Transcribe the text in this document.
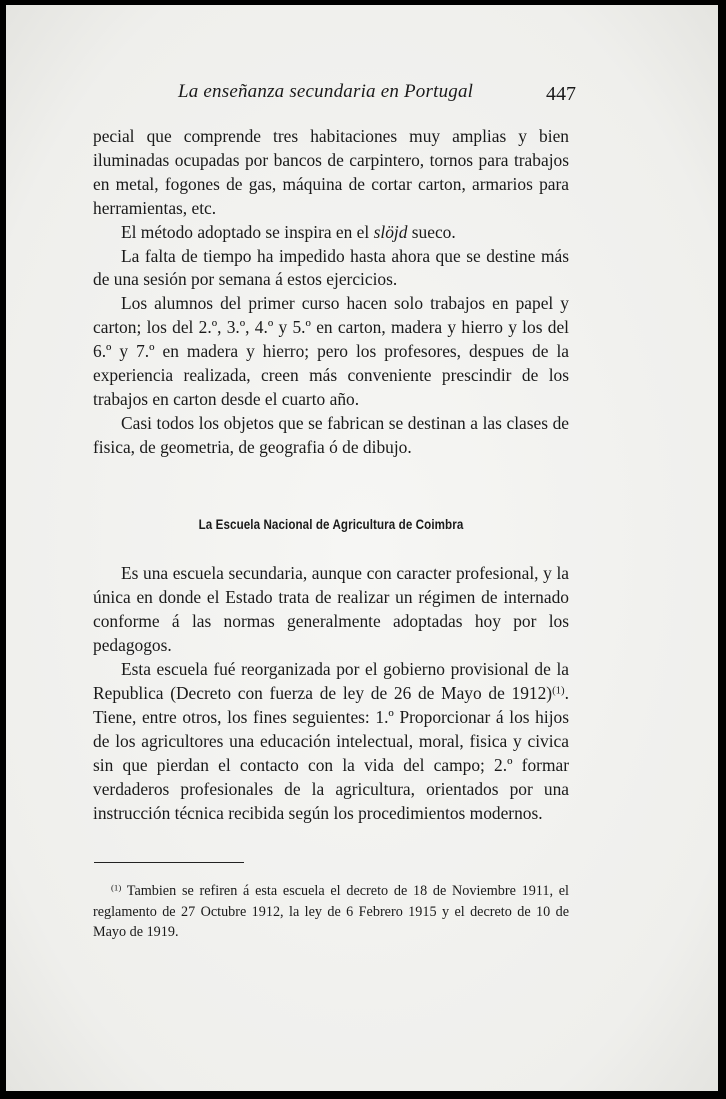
La enseñanza secundaria en Portugal	447

pecial que comprende tres habitaciones muy amplias y bien iluminadas ocupadas por bancos de carpintero, tornos para trabajos en metal, fogones de gas, máquina de cortar carton, armarios para herramientas, etc.

El método adoptado se inspira en el slöjd sueco.

La falta de tiempo ha impedido hasta ahora que se destine más de una sesión por semana á estos ejercicios.

Los alumnos del primer curso hacen solo trabajos en papel y carton; los del 2.º, 3.º, 4.º y 5.º en carton, madera y hierro y los del 6.º y 7.º en madera y hierro; pero los profesores, despues de la experiencia realizada, creen más conveniente prescindir de los trabajos en carton desde el cuarto año.

Casi todos los objetos que se fabrican se destinan a las clases de fisica, de geometria, de geografia ó de dibujo.

La Escuela Nacional de Agricultura de Coimbra

Es una escuela secundaria, aunque con caracter profesional, y la única en donde el Estado trata de realizar un régimen de internado conforme á las normas generalmente adoptadas hoy por los pedagogos.

Esta escuela fué reorganizada por el gobierno provisional de la Republica (Decreto con fuerza de ley de 26 de Mayo de 1912)$^{(1)}$. Tiene, entre otros, los fines seguientes: 1.º Proporcionar á los hijos de los agricultores una educación intelectual, moral, fisica y civica sin que pierdan el contacto con la vida del campo; 2.º formar verdaderos profesionales de la agricultura, orientados por una instrucción técnica recibida según los procedimientos modernos.

$^{(1)}$ Tambien se refiren á esta escuela el decreto de 18 de Noviembre 1911, el reglamento de 27 Octubre 1912, la ley de 6 Febrero 1915 y el decreto de 10 de Mayo de 1919.
